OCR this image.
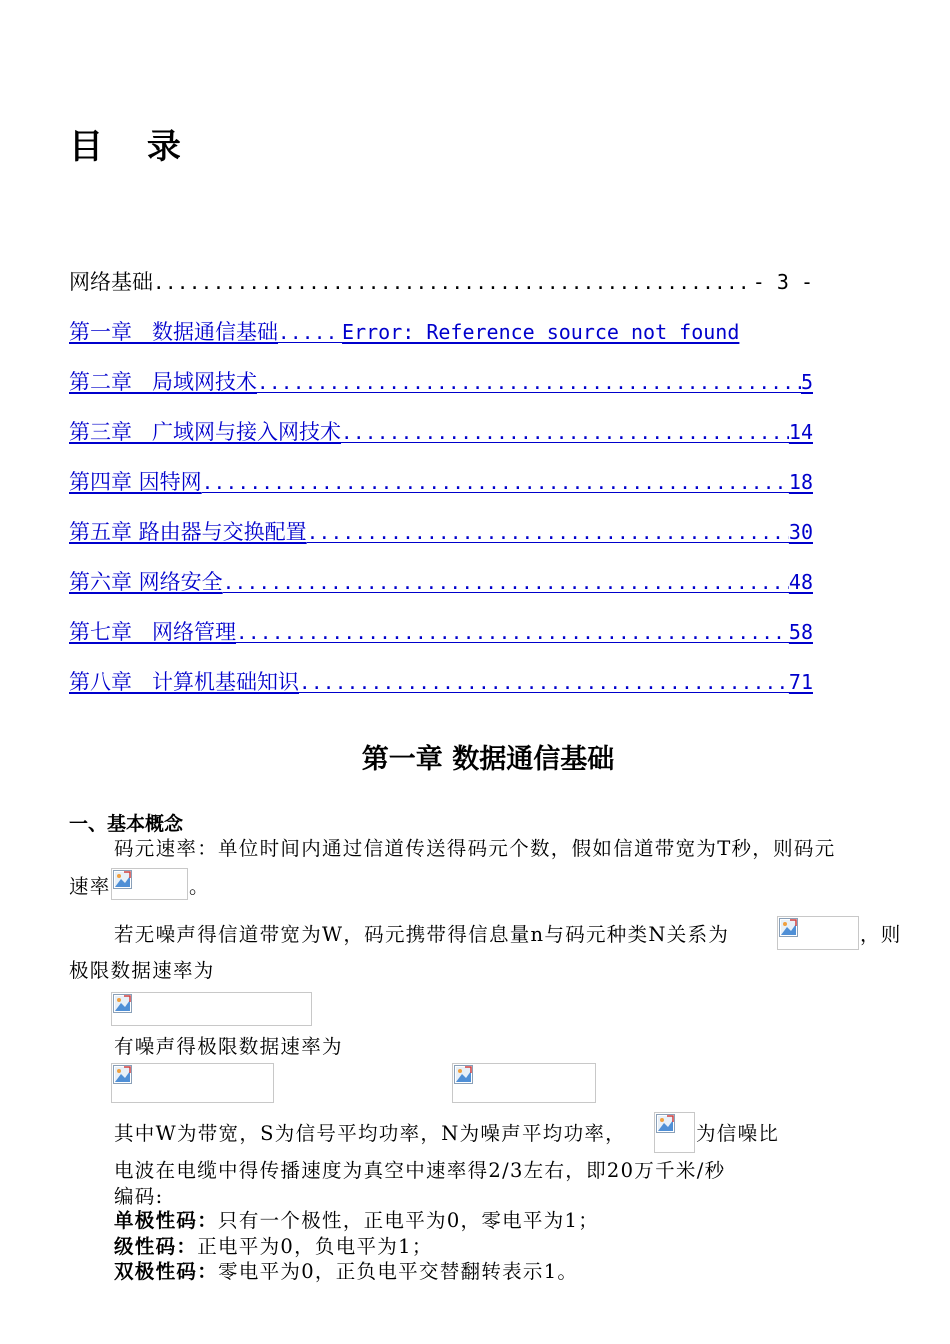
目 录
网络基础 .....	- 3 -
第一章   数据通信基础 .....	Error: Reference source not found
第二章   局域网技术 .....	5
第三章   广域网与接入网技术 .....	14
第四章 因特网 .....	18
第五章 路由器与交换配置 .....	30
第六章 网络安全 .....	48
第七章   网络管理 .....	58
第八章   计算机基础知识 .....	71
第一章 数据通信基础
一、基本概念
码元速率：单位时间内通过信道传送得码元个数，假如信道带宽为T秒，则码元
速率	。
若无噪声得信道带宽为W，码元携带得信息量n与码元种类N关系为	，则
极限数据速率为
有噪声得极限数据速率为
其中W为带宽，S为信号平均功率，N为噪声平均功率，	为信噪比
电波在电缆中得传播速度为真空中速率得2/3左右，即20万千米/秒
编码:
单极性码：只有一个极性，正电平为0，零电平为1；
级性码：正电平为0，负电平为1；
双极性码：零电平为0，正负电平交替翻转表示1。
